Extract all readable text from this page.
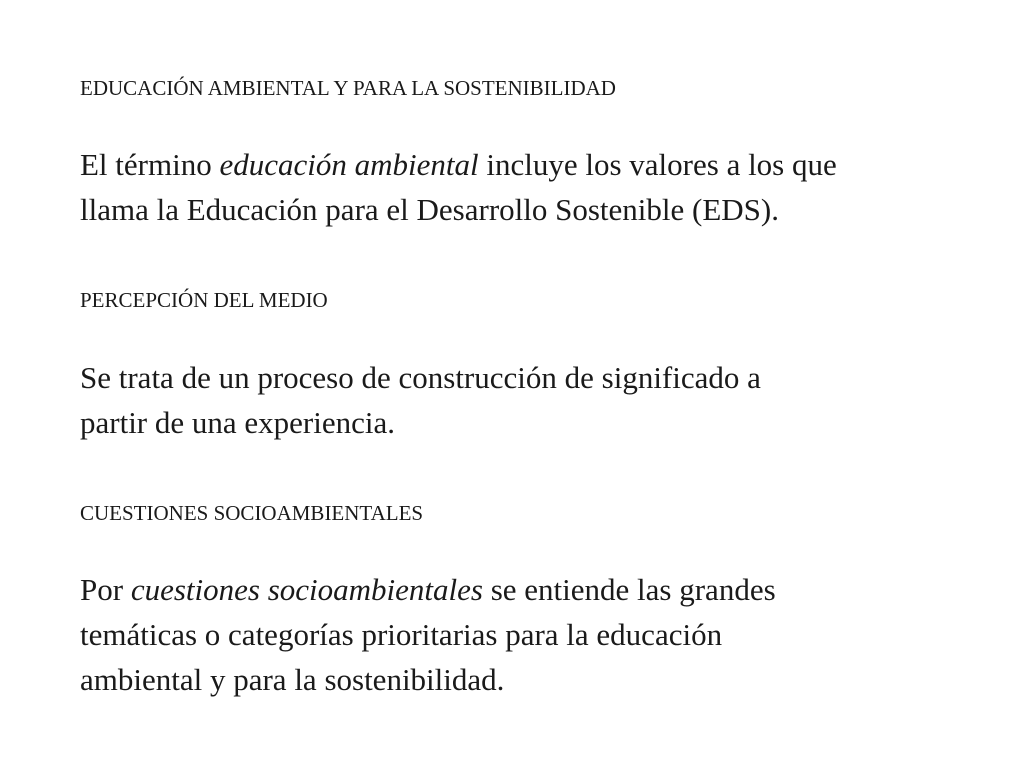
EDUCACIÓN AMBIENTAL Y PARA LA SOSTENIBILIDAD

El término educación ambiental incluye los valores a los que
llama la Educación para el Desarrollo Sostenible (EDS).

PERCEPCIÓN DEL MEDIO

Se trata de un proceso de construcción de significado a
partir de una experiencia.

CUESTIONES SOCIOAMBIENTALES

Por cuestiones socioambientales se entiende las grandes
temáticas o categorías prioritarias para la educación
ambiental y para la sostenibilidad.
